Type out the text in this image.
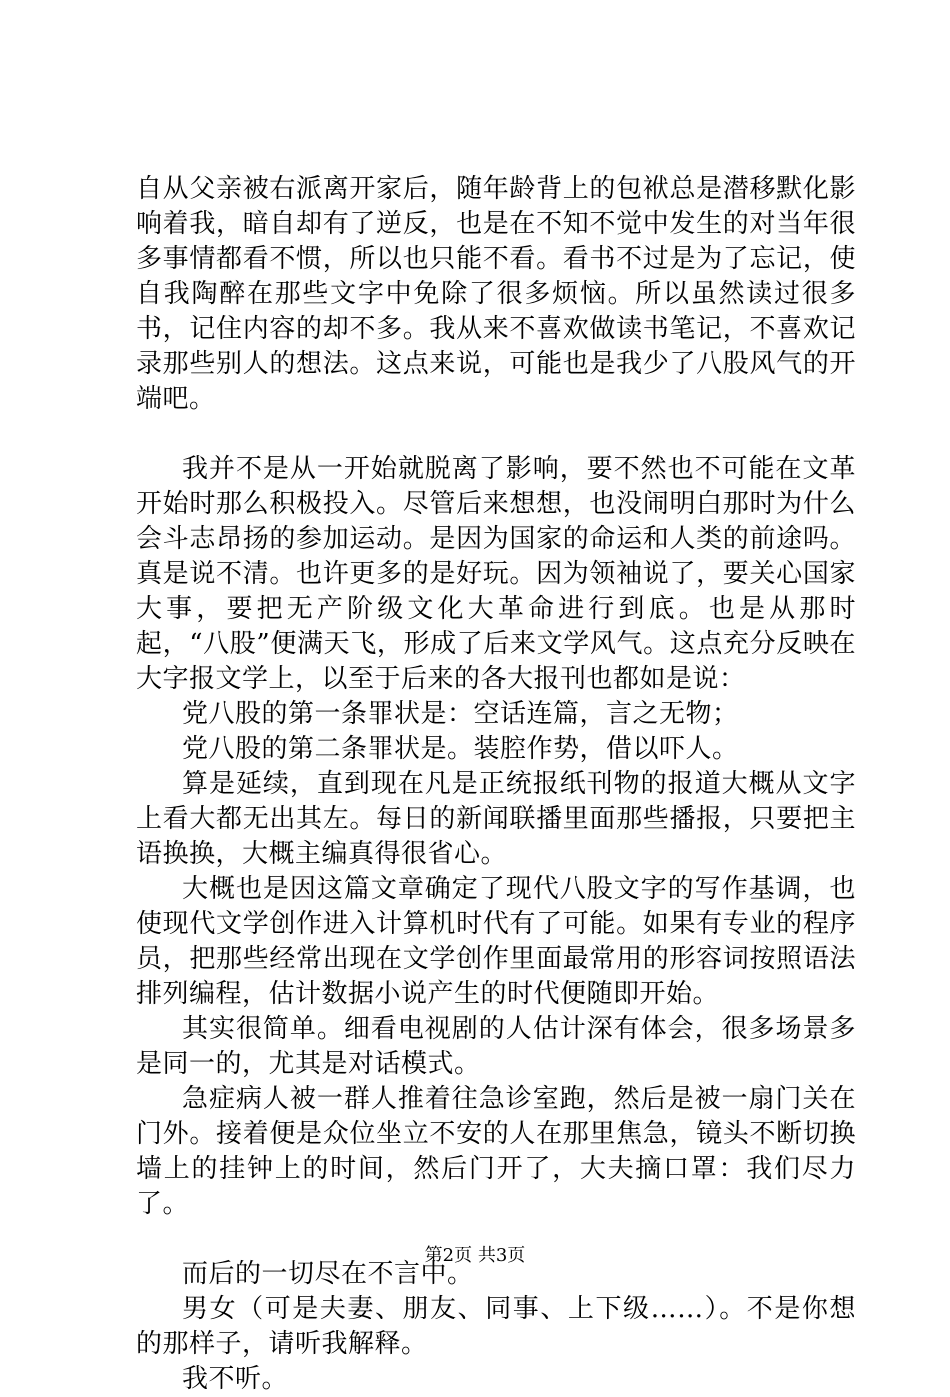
自从父亲被右派离开家后，随年龄背上的包袱总是潜移默化影响着我，暗自却有了逆反，也是在不知不觉中发生的对当年很多事情都看不惯，所以也只能不看。看书不过是为了忘记，使自我陶醉在那些文字中免除了很多烦恼。所以虽然读过很多书，记住内容的却不多。我从来不喜欢做读书笔记，不喜欢记录那些别人的想法。这点来说，可能也是我少了八股风气的开端吧。

我并不是从一开始就脱离了影响，要不然也不可能在文革开始时那么积极投入。尽管后来想想，也没闹明白那时为什么会斗志昂扬的参加运动。是因为国家的命运和人类的前途吗。真是说不清。也许更多的是好玩。因为领袖说了，要关心国家大事，要把无产阶级文化大革命进行到底。也是从那时起，“八股”便满天飞，形成了后来文学风气。这点充分反映在大字报文学上，以至于后来的各大报刊也都如是说：

党八股的第一条罪状是：空话连篇，言之无物；

党八股的第二条罪状是。装腔作势，借以吓人。

算是延续，直到现在凡是正统报纸刊物的报道大概从文字上看大都无出其左。每日的新闻联播里面那些播报，只要把主语换换，大概主编真得很省心。

大概也是因这篇文章确定了现代八股文字的写作基调，也使现代文学创作进入计算机时代有了可能。如果有专业的程序员，把那些经常出现在文学创作里面最常用的形容词按照语法排列编程，估计数据小说产生的时代便随即开始。

其实很简单。细看电视剧的人估计深有体会，很多场景多是同一的，尤其是对话模式。

急症病人被一群人推着往急诊室跑，然后是被一扇门关在门外。接着便是众位坐立不安的人在那里焦急，镜头不断切换墙上的挂钟上的时间，然后门开了，大夫摘口罩：我们尽力了。

而后的一切尽在不言中。

男女（可是夫妻、朋友、同事、上下级……）。不是你想的那样子，请听我解释。

我不听。

第2页 共3页
